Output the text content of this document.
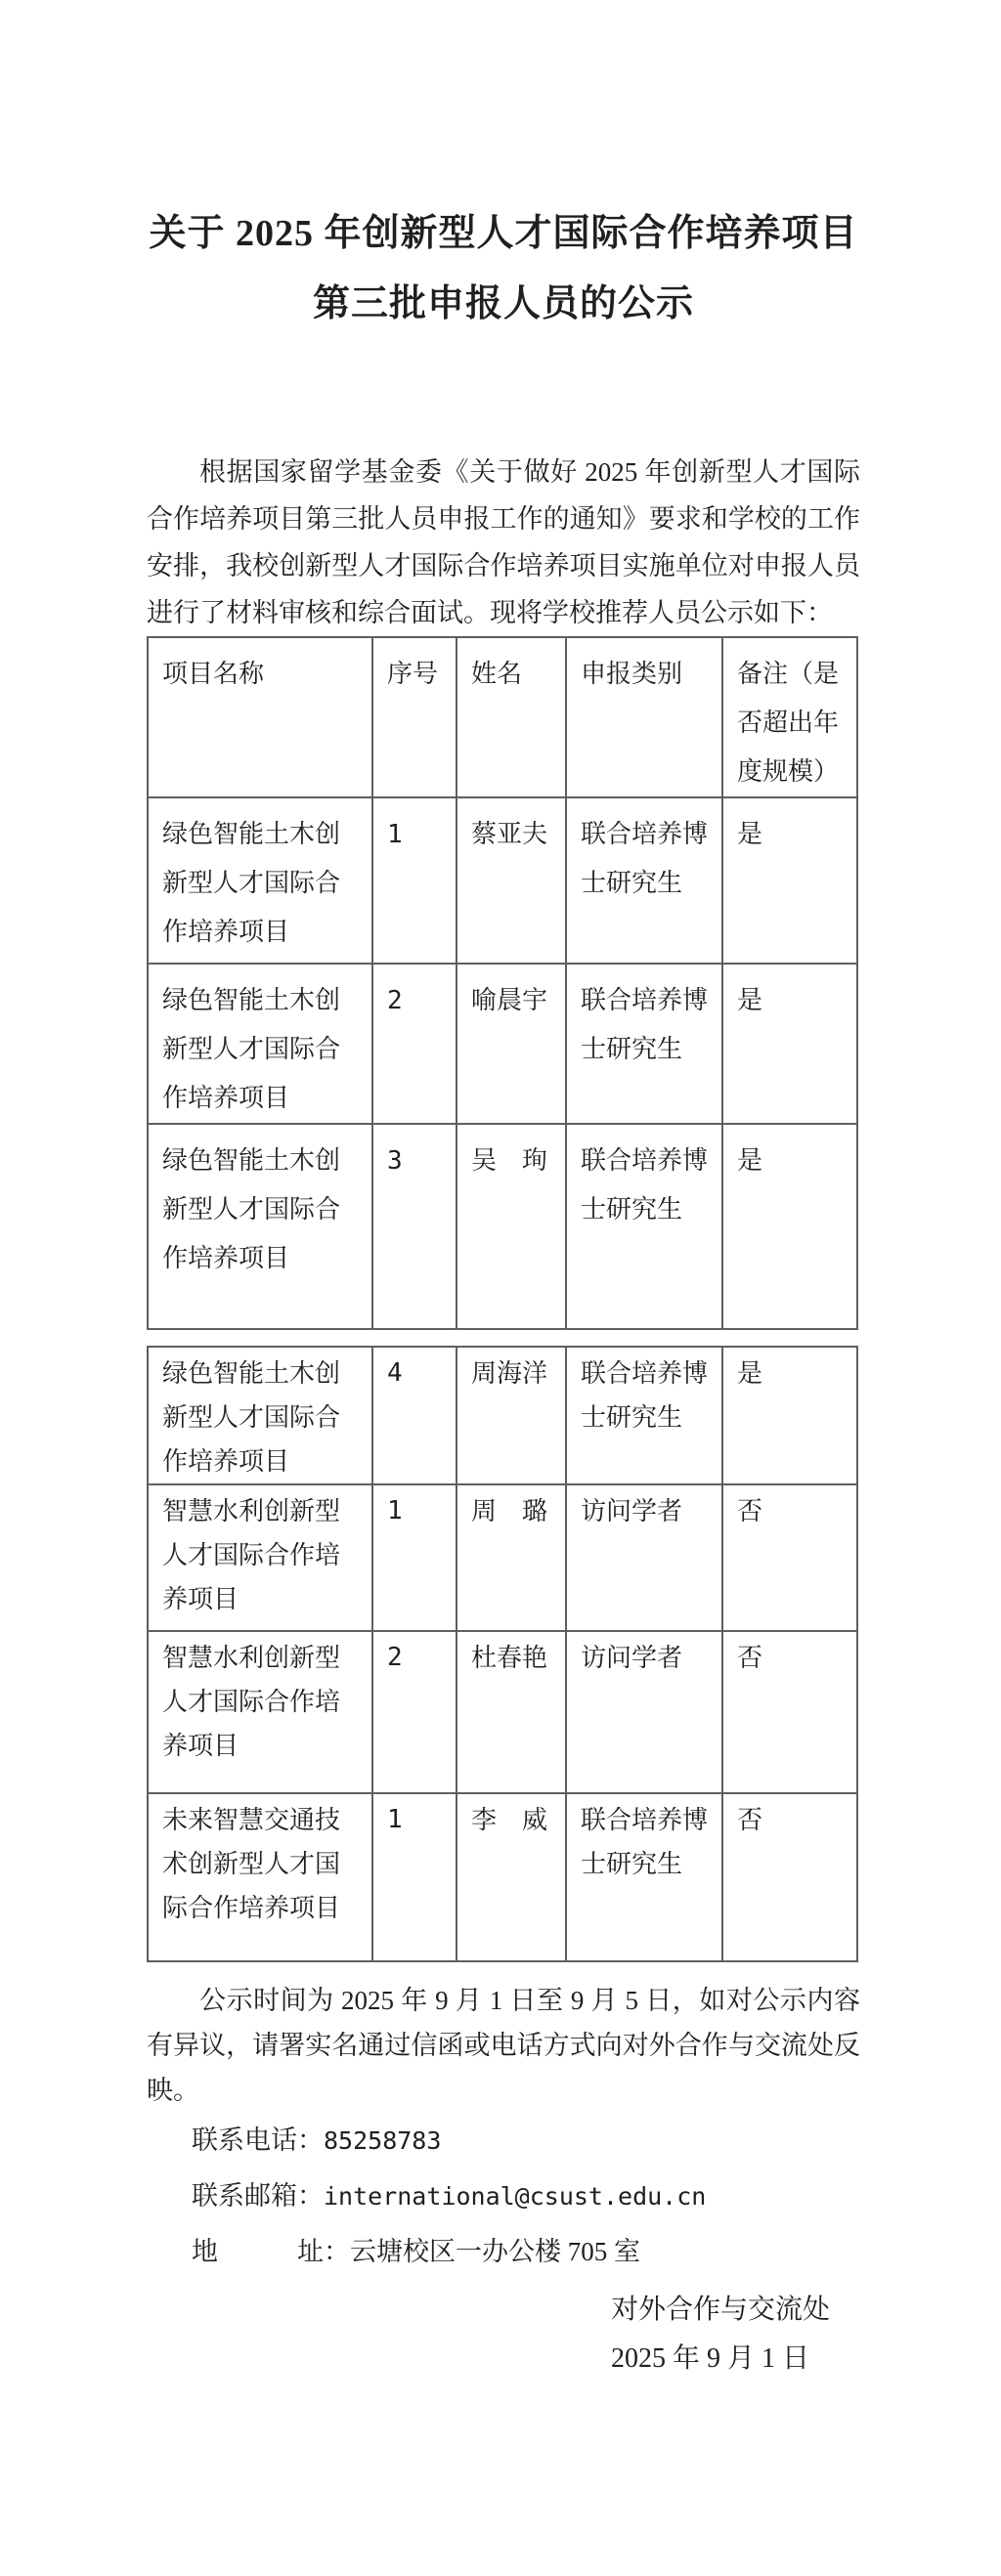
关于 2025 年创新型人才国际合作培养项目
第三批申报人员的公示

根据国家留学基金委《关于做好 2025 年创新型人才国际合作培养项目第三批人员申报工作的通知》要求和学校的工作安排，我校创新型人才国际合作培养项目实施单位对申报人员进行了材料审核和综合面试。现将学校推荐人员公示如下：

项目名称	序号	姓名	申报类别	备注（是否超出年度规模）
绿色智能土木创新型人才国际合作培养项目	1	蔡亚夫	联合培养博士研究生	是
绿色智能土木创新型人才国际合作培养项目	2	喻晨宇	联合培养博士研究生	是
绿色智能土木创新型人才国际合作培养项目	3	吴　珣	联合培养博士研究生	是
绿色智能土木创新型人才国际合作培养项目	4	周海洋	联合培养博士研究生	是
智慧水利创新型人才国际合作培养项目	1	周　璐	访问学者	否
智慧水利创新型人才国际合作培养项目	2	杜春艳	访问学者	否
未来智慧交通技术创新型人才国际合作培养项目	1	李　威	联合培养博士研究生	否

公示时间为 2025 年 9 月 1 日至 9 月 5 日，如对公示内容有异议，请署实名通过信函或电话方式向对外合作与交流处反映。

联系电话：85258783
联系邮箱：international@csust.edu.cn
地　　　址：云塘校区一办公楼 705 室
对外合作与交流处
2025 年 9 月 1 日
